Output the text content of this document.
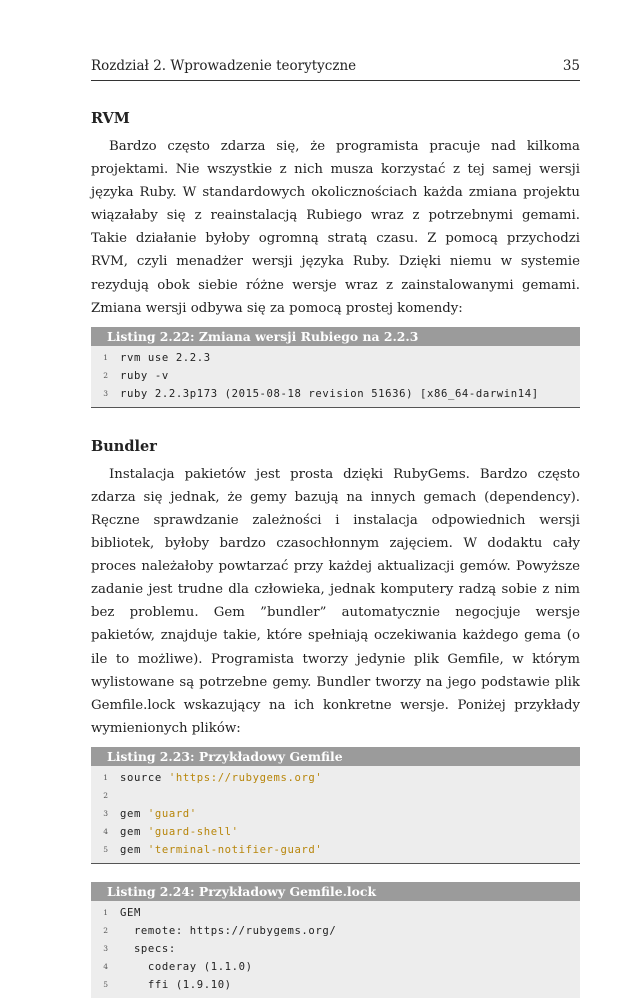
Rozdział 2. Wprowadzenie teorytyczne	35
RVM

Bardzo często zdarza się, że programista pracuje nad kilkoma projektami. Nie wszystkie z nich musza korzystać z tej samej wersji języka Ruby. W standardowych okolicznościach każda zmiana projektu wiązałaby się z reainstalacją Rubiego wraz z potrzebnymi gemami. Takie działanie byłoby ogromną stratą czasu. Z pomocą przychodzi RVM, czyli menadżer wersji języka Ruby. Dzięki niemu w systemie rezydują obok siebie różne wersje wraz z zainstalowanymi gemami. Zmiana wersji odbywa się za pomocą prostej komendy:

Listing 2.22: Zmiana wersji Rubiego na 2.2.3
1	rvm use 2.2.3
2	ruby -v
3	ruby 2.2.3p173 (2015-08-18 revision 51636) [x86_64-darwin14]
Bundler

Instalacja pakietów jest prosta dzięki RubyGems. Bardzo często zdarza się jednak, że gemy bazują na innych gemach (dependency). Ręczne sprawdzanie zależności i instalacja odpowiednich wersji bibliotek, byłoby bardzo czasochłonnym zajęciem. W dodaktu cały proces należałoby powtarzać przy każdej aktualizacji gemów. Powyższe zadanie jest trudne dla człowieka, jednak komputery radzą sobie z nim bez problemu. Gem ”bundler” automatycznie negocjuje wersje pakietów, znajduje takie, które spełniają oczekiwania każdego gema (o ile to możliwe). Programista tworzy jedynie plik Gemfile, w którym wylistowane są potrzebne gemy. Bundler tworzy na jego podstawie plik Gemfile.lock wskazujący na ich konkretne wersje. Poniżej przykłady wymienionych plików:

Listing 2.23: Przykładowy Gemfile
1	source 'https://rubygems.org'
2
3	gem 'guard'
4	gem 'guard-shell'
5	gem 'terminal-notifier-guard'
Listing 2.24: Przykładowy Gemfile.lock
1	GEM
2	remote: https://rubygems.org/
3	specs:
4	coderay (1.1.0)
5	ffi (1.9.10)
